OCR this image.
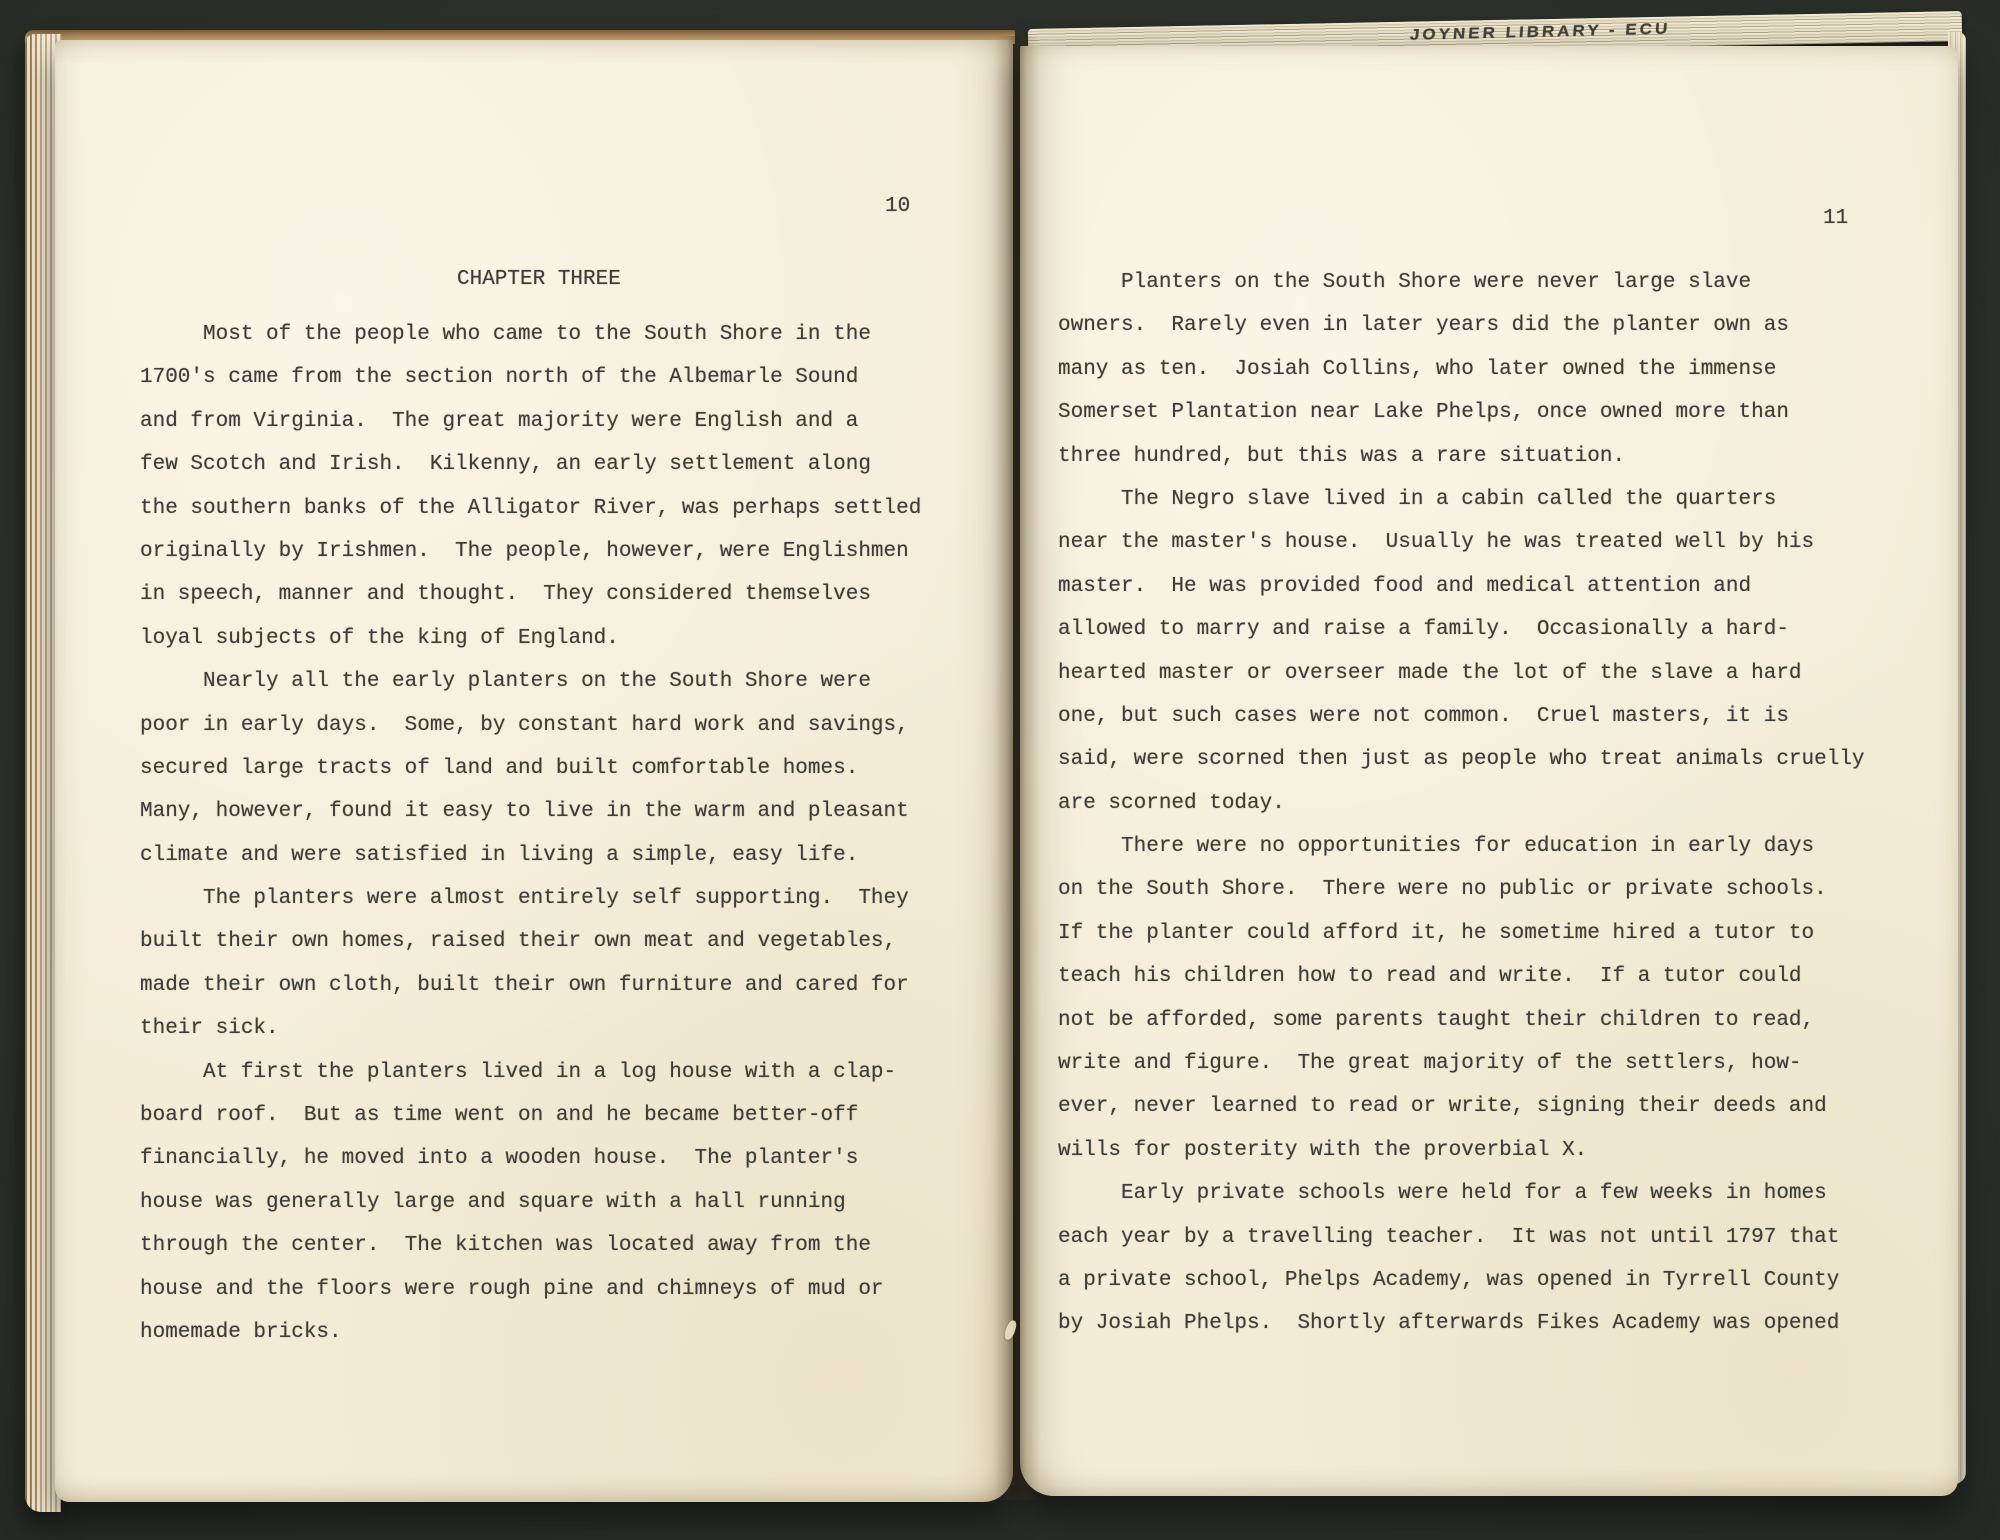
JOYNER LIBRARY - ECU
10
CHAPTER THREE
Most of the people who came to the South Shore in the
1700's came from the section north of the Albemarle Sound
and from Virginia.  The great majority were English and a
few Scotch and Irish.  Kilkenny, an early settlement along
the southern banks of the Alligator River, was perhaps settled
originally by Irishmen.  The people, however, were Englishmen
in speech, manner and thought.  They considered themselves
loyal subjects of the king of England.
Nearly all the early planters on the South Shore were
poor in early days.  Some, by constant hard work and savings,
secured large tracts of land and built comfortable homes.
Many, however, found it easy to live in the warm and pleasant
climate and were satisfied in living a simple, easy life.
The planters were almost entirely self supporting.  They
built their own homes, raised their own meat and vegetables,
made their own cloth, built their own furniture and cared for
their sick.
At first the planters lived in a log house with a clap-
board roof.  But as time went on and he became better-off
financially, he moved into a wooden house.  The planter's
house was generally large and square with a hall running
through the center.  The kitchen was located away from the
house and the floors were rough pine and chimneys of mud or
homemade bricks.
11
Planters on the South Shore were never large slave
owners.  Rarely even in later years did the planter own as
many as ten.  Josiah Collins, who later owned the immense
Somerset Plantation near Lake Phelps, once owned more than
three hundred, but this was a rare situation.
The Negro slave lived in a cabin called the quarters
near the master's house.  Usually he was treated well by his
master.  He was provided food and medical attention and
allowed to marry and raise a family.  Occasionally a hard-
hearted master or overseer made the lot of the slave a hard
one, but such cases were not common.  Cruel masters, it is
said, were scorned then just as people who treat animals cruelly
are scorned today.
There were no opportunities for education in early days
on the South Shore.  There were no public or private schools.
If the planter could afford it, he sometime hired a tutor to
teach his children how to read and write.  If a tutor could
not be afforded, some parents taught their children to read,
write and figure.  The great majority of the settlers, how-
ever, never learned to read or write, signing their deeds and
wills for posterity with the proverbial X.
Early private schools were held for a few weeks in homes
each year by a travelling teacher.  It was not until 1797 that
a private school, Phelps Academy, was opened in Tyrrell County
by Josiah Phelps.  Shortly afterwards Fikes Academy was opened
